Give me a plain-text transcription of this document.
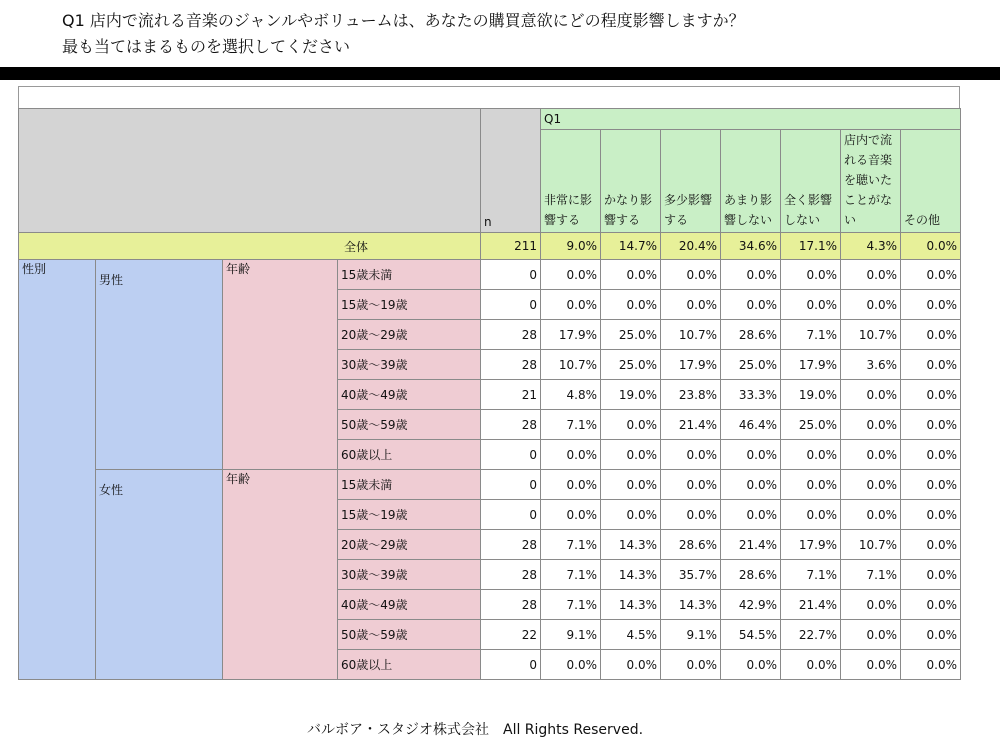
Q1 店内で流れる音楽のジャンルやボリュームは、あなたの購買意欲にどの程度影響しますか？
最も当てはまるものを選択してください
				n	Q1						
					非常に影響する	かなり影響する	多少影響する	あまり影響しない	全く影響しない	店内で流れる音楽を聴いたことがない	その他
全体				211	9.0%	14.7%	20.4%	34.6%	17.1%	4.3%	0.0%
性別	男性	年齢	15歳未満	0	0.0%	0.0%	0.0%	0.0%	0.0%	0.0%	0.0%
			15歳～19歳	0	0.0%	0.0%	0.0%	0.0%	0.0%	0.0%	0.0%
			20歳～29歳	28	17.9%	25.0%	10.7%	28.6%	7.1%	10.7%	0.0%
			30歳～39歳	28	10.7%	25.0%	17.9%	25.0%	17.9%	3.6%	0.0%
			40歳～49歳	21	4.8%	19.0%	23.8%	33.3%	19.0%	0.0%	0.0%
			50歳～59歳	28	7.1%	0.0%	21.4%	46.4%	25.0%	0.0%	0.0%
			60歳以上	0	0.0%	0.0%	0.0%	0.0%	0.0%	0.0%	0.0%
	女性	年齢	15歳未満	0	0.0%	0.0%	0.0%	0.0%	0.0%	0.0%	0.0%
			15歳～19歳	0	0.0%	0.0%	0.0%	0.0%	0.0%	0.0%	0.0%
			20歳～29歳	28	7.1%	14.3%	28.6%	21.4%	17.9%	10.7%	0.0%
			30歳～39歳	28	7.1%	14.3%	35.7%	28.6%	7.1%	7.1%	0.0%
			40歳～49歳	28	7.1%	14.3%	14.3%	42.9%	21.4%	0.0%	0.0%
			50歳～59歳	22	9.1%	4.5%	9.1%	54.5%	22.7%	0.0%	0.0%
			60歳以上	0	0.0%	0.0%	0.0%	0.0%	0.0%	0.0%	0.0%
バルボア・スタジオ株式会社　All Rights Reserved.
